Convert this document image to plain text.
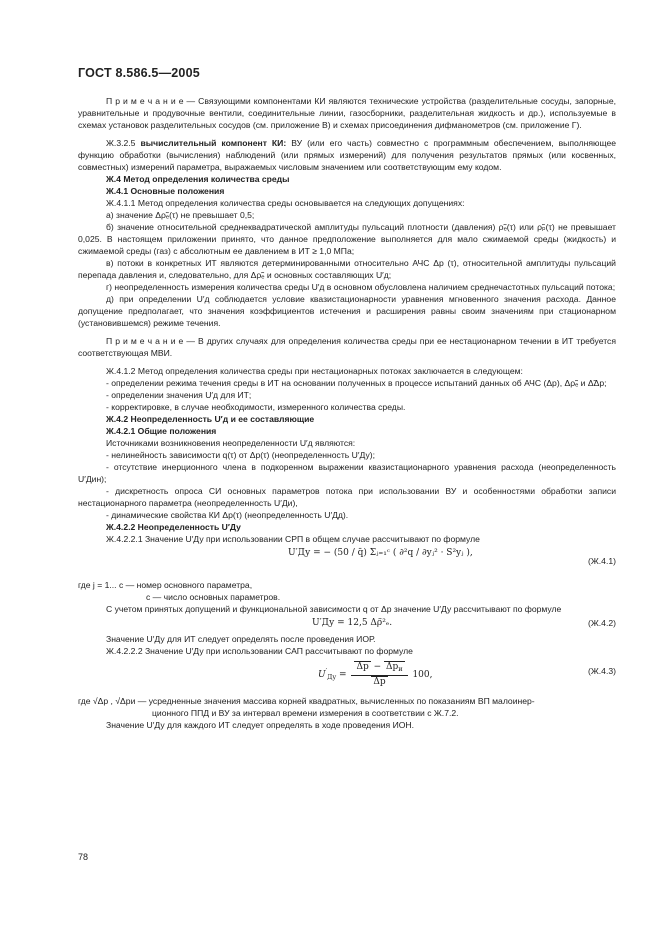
ГОСТ 8.586.5—2005
П р и м е ч а н и е — Связующими компонентами КИ являются технические устройства (разделительные сосуды, запорные, уравнительные и продувочные вентили, соединительные линии, газосборники, разделительная жидкость и др.), используемые в схемах установок разделительных сосудов (см. приложение В) и схемах присоединения дифманометров (см. приложение Г).
Ж.3.2.5 вычислительный компонент КИ: ВУ (или его часть) совместно с программным обеспечением, выполняющее функцию обработки (вычисления) наблюдений (или прямых измерений) для получения результатов прямых (или косвенных, совместных) измерений параметра, выражаемых числовым значением или соответствующим ему кодом.
Ж.4 Метод определения количества среды
Ж.4.1 Основные положения
Ж.4.1.1 Метод определения количества среды основывается на следующих допущениях:
а) значение Δρ̃ₑ(τ) не превышает 0,5;
б) значение относительной среднеквадратической амплитуды пульсаций плотности (давления) ρ̃ₑ(τ) или ρ̃ₚ(τ) не превышает 0,025. В настоящем приложении принято, что данное предположение выполняется для мало сжимаемой среды (жидкость) и сжимаемой среды (газ) с абсолютным ее давлением в ИТ ≥ 1,0 МПа;
в) потоки в конкретных ИТ являются детерминированными относительно АЧС Δp (τ), относительной амплитуды пульсаций перепада давления и, следовательно, для Δρ̃ₑ и основных составляющих U′д;
г) неопределенность измерения количества среды U′д в основном обусловлена наличием среднечастотных пульсаций потока;
д) при определении U′д соблюдается условие квазистационарности уравнения мгновенного значения расхода. Данное допущение предполагает, что значения коэффициентов истечения и расширения равны своим значениям при стационарном (установившемся) режиме течения.
П р и м е ч а н и е — В других случаях для определения количества среды при ее нестационарном течении в ИТ требуется соответствующая МВИ.
Ж.4.1.2 Метод определения количества среды при нестационарных потоках заключается в следующем:
- определении режима течения среды в ИТ на основании полученных в процессе испытаний данных об АЧС (Δp), Δρ̃ₑ и Δ̃Δp;
- определении значения U′д для ИТ;
- корректировке, в случае необходимости, измеренного количества среды.
Ж.4.2 Неопределенность U′д и ее составляющие
Ж.4.2.1 Общие положения
Источниками возникновения неопределенности U′д являются:
- нелинейность зависимости q(τ) от Δp(τ) (неопределенность U′Ду);
- отсутствие инерционного члена в подкоренном выражении квазистационарного уравнения расхода (неопределенность U′Дин);
- дискретность опроса СИ основных параметров потока при использовании ВУ и особенностями обработки записи нестационарного параметра (неопределенность U′Ди),
- динамические свойства КИ Δp(τ) (неопределенность U′Дд).
Ж.4.2.2 Неопределенность U′Ду
Ж.4.2.2.1 Значение U′Ду при использовании СРП в общем случае рассчитывают по формуле
U′Ду = − (50 / q̄) Σⱼ₌₁ᶜ ( ∂²q / ∂yⱼ² · S²yⱼ ),
(Ж.4.1)
где j = 1... c — номер основного параметра,
c — число основных параметров.
С учетом принятых допущений и функциональной зависимости q от Δp значение U′Ду рассчитывают по формуле
U′Ду = 12,5 Δρ̃²ₑ.	(Ж.4.2)
Значение U′Ду для ИТ следует определять после проведения ИОР.
Ж.4.2.2.2 Значение U′Ду при использовании САП рассчитывают по формуле
$U'_{Ду} = \frac{\Delta p - \Delta p_и}{\Delta p} 100$,	(Ж.4.3)
где √Δp , √Δpи — усредненные значения массива корней квадратных, вычисленных по показаниям ВП малоинер-
ционного ППД и ВУ за интервал времени измерения в соответствии с Ж.7.2.
Значение U′Ду для каждого ИТ следует определять в ходе проведения ИОН.
78
